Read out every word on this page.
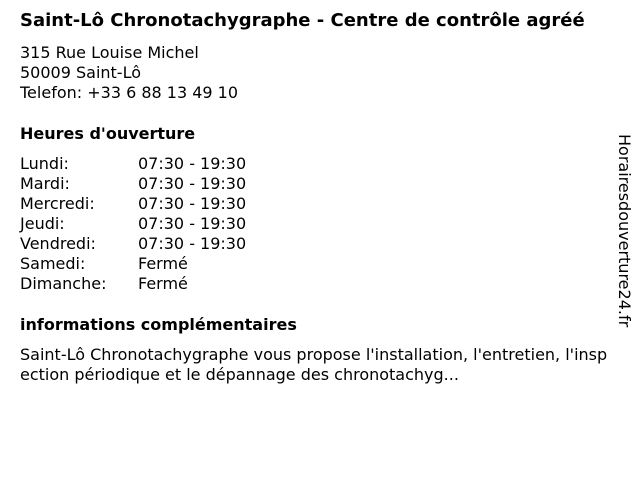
Saint-Lô Chronotachygraphe - Centre de contrôle agréé
315 Rue Louise Michel
50009 Saint-Lô
Telefon: +33 6 88 13 49 10
Heures d'ouverture
Lundi:	07:30 - 19:30
Mardi:	07:30 - 19:30
Mercredi:	07:30 - 19:30
Jeudi:	07:30 - 19:30
Vendredi:	07:30 - 19:30
Samedi:	Fermé
Dimanche:	Fermé
informations complémentaires
Saint-Lô Chronotachygraphe vous propose l'installation, l'entretien, l'inspection périodique et le dépannage des chronotachyg...
Horairesdouverture24.fr
